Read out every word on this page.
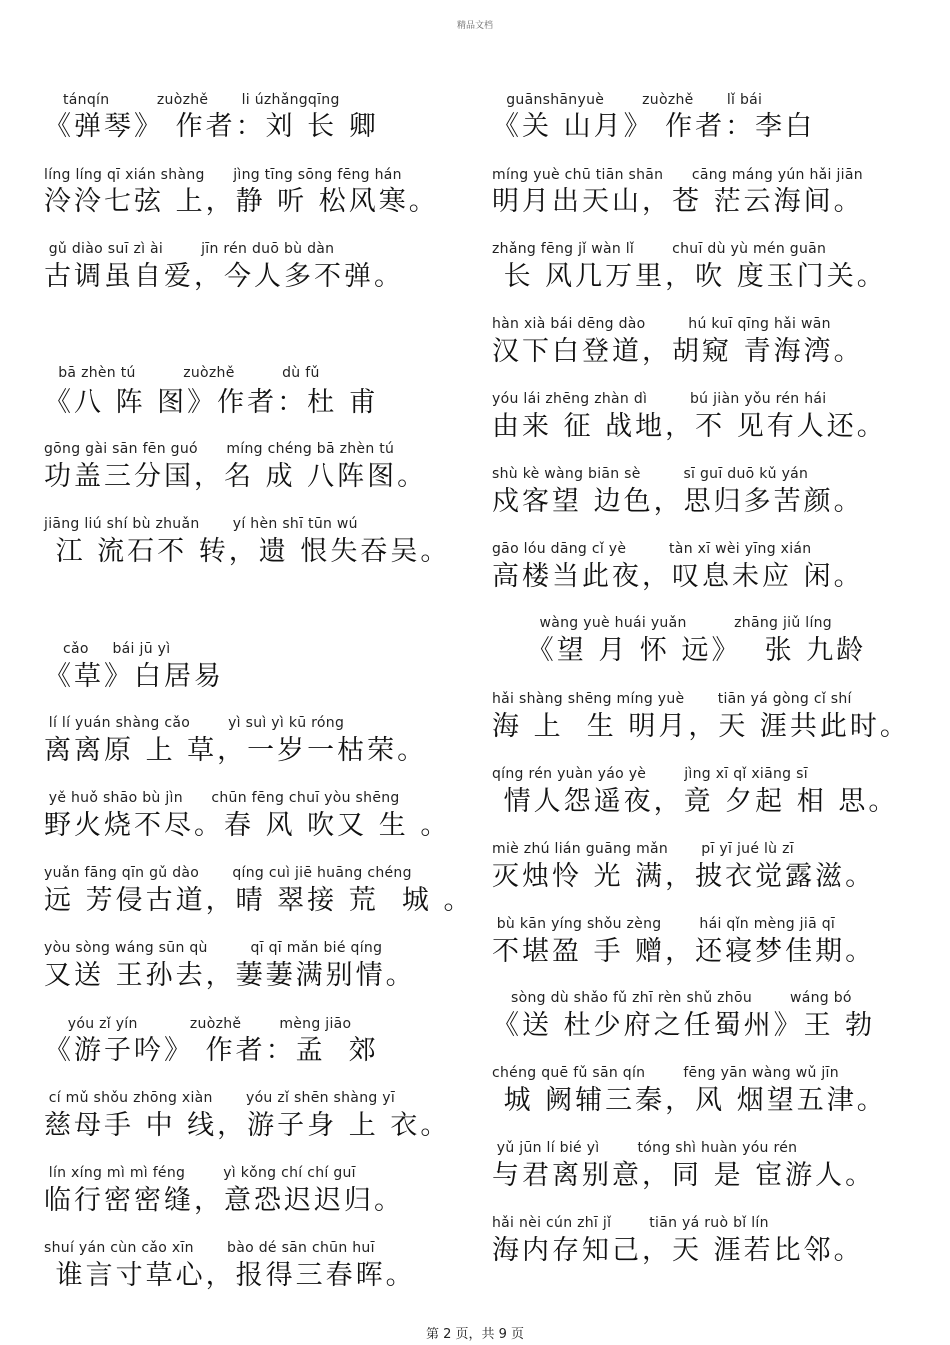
精品文档
tánqín          zuòzhě       li úzhǎngqīng
《弹琴》 作者：刘 长 卿
líng líng qī xián shàng      jìng tīng sōng fēng hán
泠泠七弦 上，静 听 松风寒。
gǔ diào suī zì ài        jīn rén duō bù dàn
古调虽自爱，今人多不弹。
bā zhèn tú          zuòzhě          dù fǔ
《八 阵 图》作者：杜 甫
gōng gài sān fēn guó      míng chéng bā zhèn tú
功盖三分国，名 成 八阵图。
jiāng liú shí bù zhuǎn       yí hèn shī tūn wú
江 流石不 转，遗 恨失吞吴。
cǎo     bái jū yì
《草》白居易
lí lí yuán shàng cǎo        yì suì yì kū róng
离离原 上 草，一岁一枯荣。
yě huǒ shāo bù jìn      chūn fēng chuī yòu shēng
野火烧不尽。春 风 吹又 生 。
yuǎn fāng qīn gǔ dào       qíng cuì jiē huāng chéng
远 芳侵古道，晴 翠接 荒  城 。
yòu sòng wáng sūn qù         qī qī mǎn bié qíng
又送 王孙去，萋萋满别情。
yóu zǐ yín           zuòzhě        mèng jiāo
《游子吟》 作者：孟  郊
cí mǔ shǒu zhōng xiàn       yóu zǐ shēn shàng yī
慈母手 中 线，游子身 上 衣。
lín xíng mì mì féng        yì kǒng chí chí guī
临行密密缝，意恐迟迟归。
shuí yán cùn cǎo xīn       bào dé sān chūn huī
谁言寸草心，报得三春晖。
guānshānyuè        zuòzhě       lǐ bái
《关 山月》 作者：李白
míng yuè chū tiān shān      cāng máng yún hǎi jiān
明月出天山，苍 茫云海间。
zhǎng fēng jǐ wàn lǐ        chuī dù yù mén guān
长 风几万里，吹 度玉门关。
hàn xià bái dēng dào         hú kuī qīng hǎi wān
汉下白登道，胡窥 青海湾。
yóu lái zhēng zhàn dì         bú jiàn yǒu rén hái
由来 征 战地，不 见有人还。
shù kè wàng biān sè         sī guī duō kǔ yán
戍客望 边色，思归多苦颜。
gāo lóu dāng cǐ yè         tàn xī wèi yīng xián
高楼当此夜，叹息未应 闲。
wàng yuè huái yuǎn          zhāng jiǔ líng
《望 月 怀 远》  张 九龄
hǎi shàng shēng míng yuè       tiān yá gòng cǐ shí
海 上  生 明月，天 涯共此时。
qíng rén yuàn yáo yè        jìng xī qǐ xiāng sī
情人怨遥夜，竟 夕起 相 思。
miè zhú lián guāng mǎn       pī yī jué lù zī
灭烛怜 光 满，披衣觉露滋。
bù kān yíng shǒu zèng        hái qǐn mèng jiā qī
不堪盈 手 赠，还寝梦佳期。
sòng dù shǎo fǔ zhī rèn shǔ zhōu        wáng bó
《送 杜少府之任蜀州》王 勃
chéng quē fǔ sān qín        fēng yān wàng wǔ jīn
城 阙辅三秦，风 烟望五津。
yǔ jūn lí bié yì        tóng shì huàn yóu rén
与君离别意，同 是 宦游人。
hǎi nèi cún zhī jǐ        tiān yá ruò bǐ lín
海内存知己，天 涯若比邻。
第 2 页，共 9 页
